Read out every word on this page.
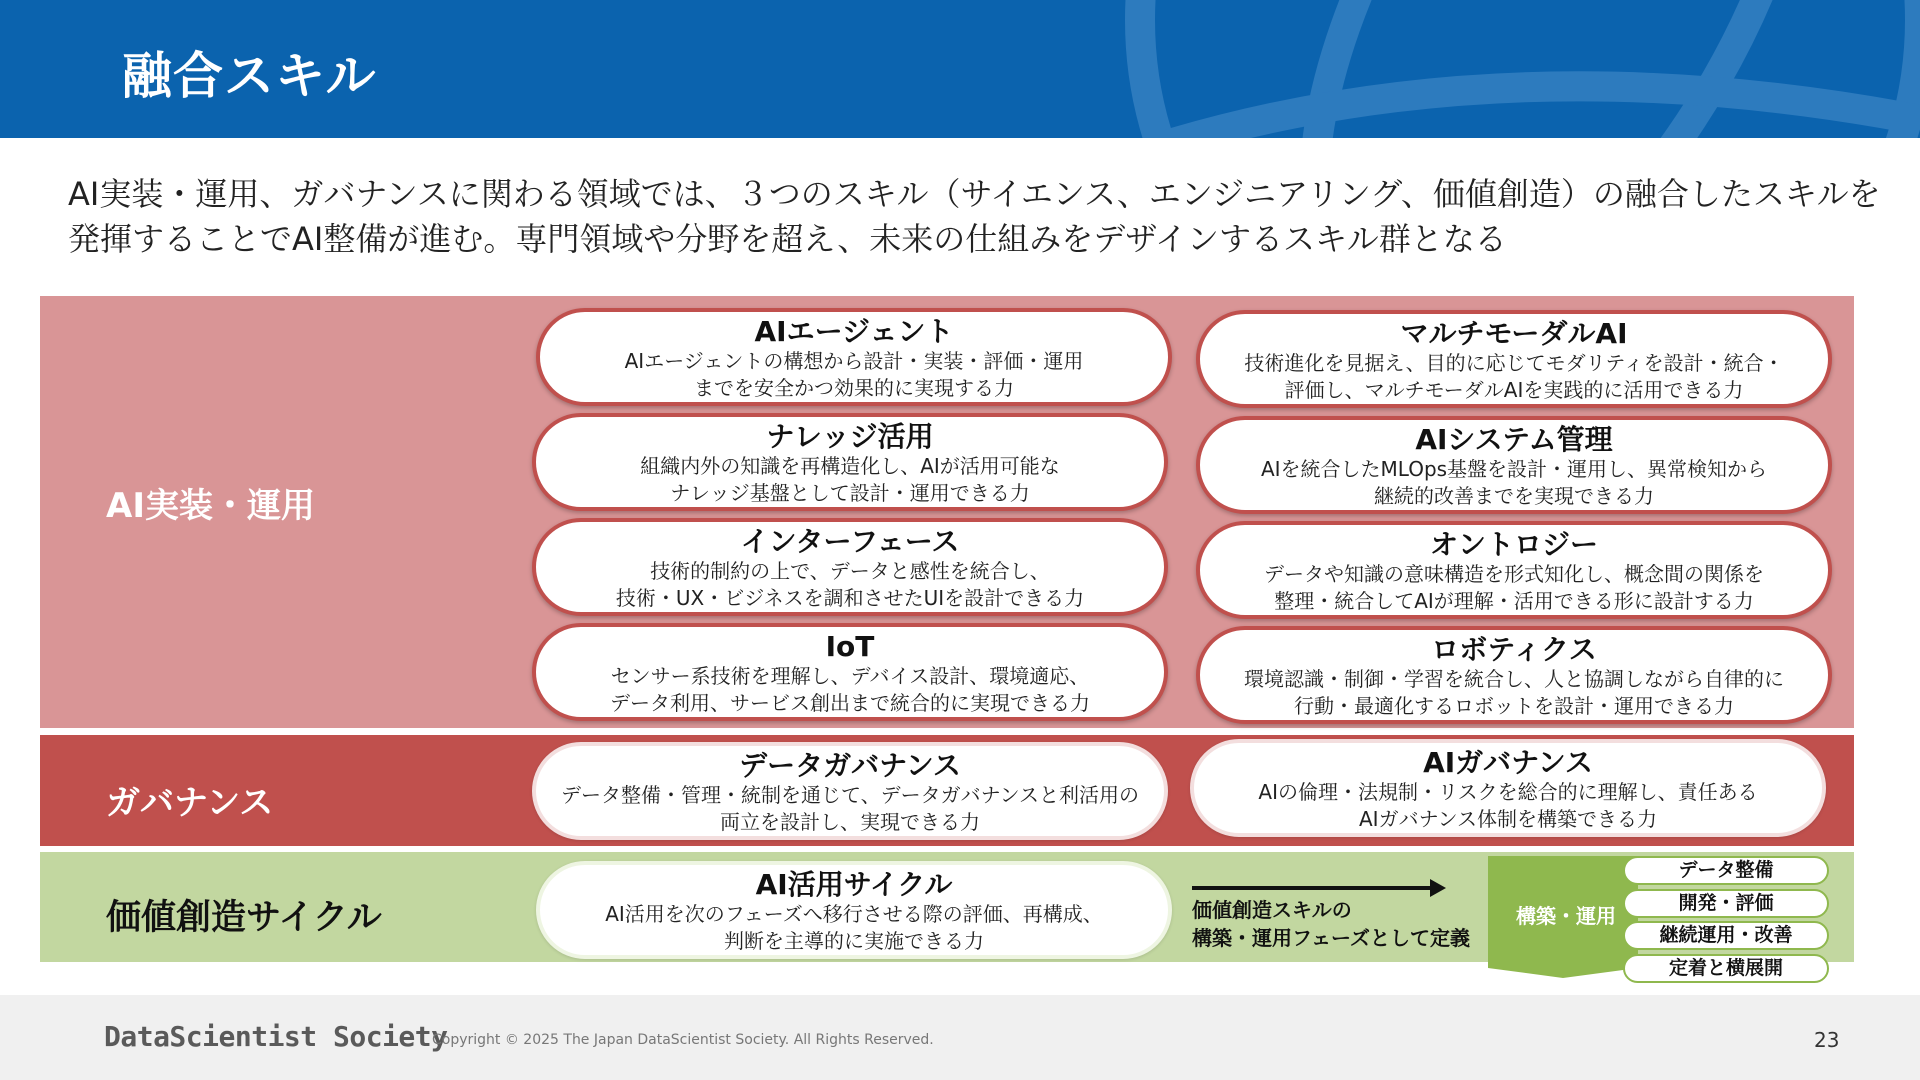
融合スキル
AI実装・運用、ガバナンスに関わる領域では、３つのスキル（サイエンス、エンジニアリング、価値創造）の融合したスキルを
発揮することでAI整備が進む。専門領域や分野を超え、未来の仕組みをデザインするスキル群となる
AI実装・運用
ガバナンス
価値創造サイクル
AIエージェント
AIエージェントの構想から設計・実装・評価・運用
までを安全かつ効果的に実現する力
マルチモーダルAI
技術進化を見据え、目的に応じてモダリティを設計・統合・
評価し、マルチモーダルAIを実践的に活用できる力
ナレッジ活用
組織内外の知識を再構造化し、AIが活用可能な
ナレッジ基盤として設計・運用できる力
AIシステム管理
AIを統合したMLOps基盤を設計・運用し、異常検知から
継続的改善までを実現できる力
インターフェース
技術的制約の上で、データと感性を統合し、
技術・UX・ビジネスを調和させたUIを設計できる力
オントロジー
データや知識の意味構造を形式知化し、概念間の関係を
整理・統合してAIが理解・活用できる形に設計する力
IoT
センサー系技術を理解し、デバイス設計、環境適応、
データ利用、サービス創出まで統合的に実現できる力
ロボティクス
環境認識・制御・学習を統合し、人と協調しながら自律的に
行動・最適化するロボットを設計・運用できる力
データガバナンス
データ整備・管理・統制を通じて、データガバナンスと利活用の
両立を設計し、実現できる力
AIガバナンス
AIの倫理・法規制・リスクを総合的に理解し、責任ある
AIガバナンス体制を構築できる力
AI活用サイクル
AI活用を次のフェーズへ移行させる際の評価、再構成、
判断を主導的に実施できる力
価値創造スキルの
構築・運用フェーズとして定義
構築・運用
データ整備
開発・評価
継続運用・改善
定着と横展開
DataScientist Society
Copyright © 2025 The Japan DataScientist Society. All Rights Reserved.	23
